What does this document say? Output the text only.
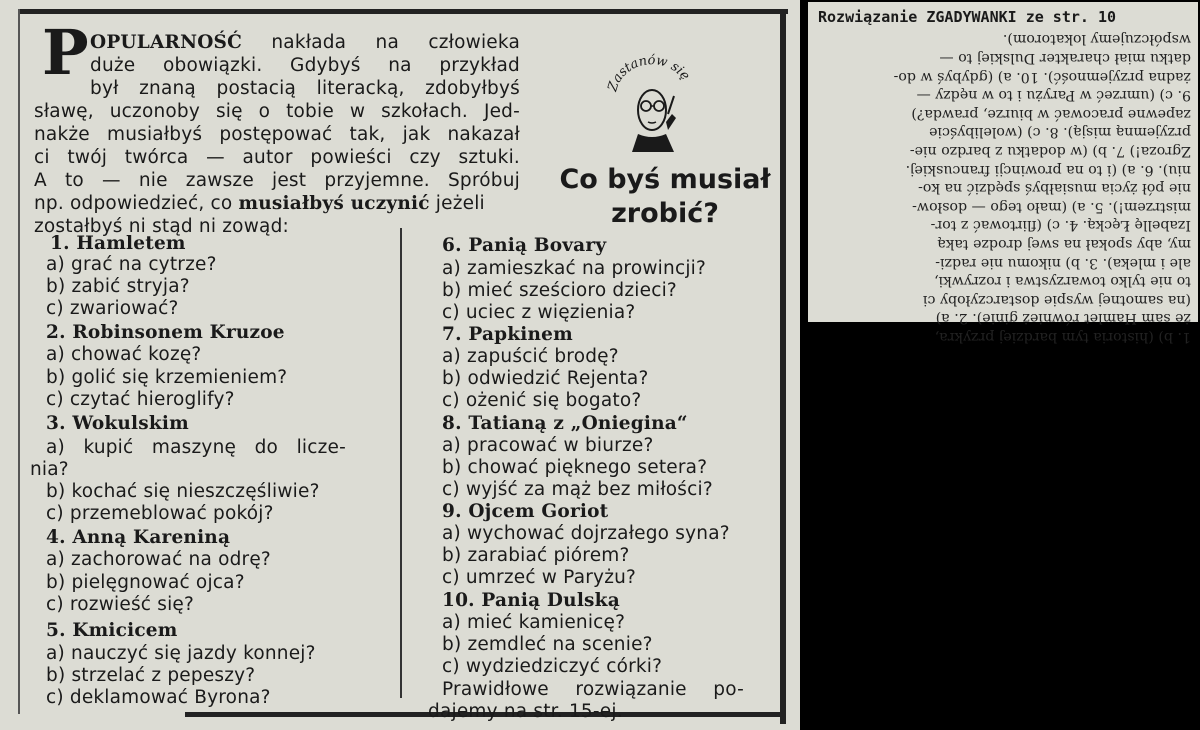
P OPULARNOŚĆ nakłada na człowieka
duże obowiązki. Gdybyś na przykład
był znaną postacią literacką, zdobyłbyś
sławę, uczonoby się o tobie w szkołach. Jed-
nakże musiałbyś postępować tak, jak nakazał
ci twój twórca — autor powieści czy sztuki.
A to — nie zawsze jest przyjemne. Spróbuj
np. odpowiedzieć, co musiałbyś uczynić jeżeli
zostałbyś ni stąd ni zowąd:
Zastanów się
Co byś musiał
zrobić?
1. Hamletem
a) grać na cytrze?
b) zabić stryja?
c) zwariować?
2. Robinsonem Kruzoe
a) chować kozę?
b) golić się krzemieniem?
c) czytać hieroglify?
3. Wokulskim
a) kupić maszynę do licze-
nia?
b) kochać się nieszczęśliwie?
c) przemeblować pokój?
4. Anną Kareniną
a) zachorować na odrę?
b) pielęgnować ojca?
c) rozwieść się?
5. Kmicicem
a) nauczyć się jazdy konnej?
b) strzelać z pepeszy?
c) deklamować Byrona?
6. Panią Bovary
a) zamieszkać na prowincji?
b) mieć sześcioro dzieci?
c) uciec z więzienia?
7. Papkinem
a) zapuścić brodę?
b) odwiedzić Rejenta?
c) ożenić się bogato?
8. Tatianą z „Oniegina“
a) pracować w biurze?
b) chować pięknego setera?
c) wyjść za mąż bez miłości?
9. Ojcem Goriot
a) wychować dojrzałego syna?
b) zarabiać piórem?
c) umrzeć w Paryżu?
10. Panią Dulską
a) mieć kamienicę?
b) zemdleć na scenie?
c) wydziedziczyć córki?
Prawidłowe rozwiązanie po-
dajemy na str. 15-ej.
Rozwiązanie ZGADYWANKI ze str. 10
1. b) (historia tym bardziej przykra,
że sam Hamlet również ginie). 2. a)
(na samotnej wyspie dostarczyłoby ci
to nie tylko towarzystwa i rozrywki,
ale i mleka). 3. b) nikomu nie radzi-
my, aby spokał na swej drodze taką
Izabellę Łęcką. 4. c) (flirtować z tor-
mistrzem!). 5. a) (mało tego — dosłow-
nie pół życia musiałbyś spędzić na ko-
niu). 6. a) (i to na prowincji francuskiej.
Zgroza!) 7. b) (w dodatku z bardzo nie-
przyjemną misją). 8. c) (wolelibyście
zapewne pracować w biurze, prawda?)
9. c) (umrzeć w Paryżu i to w nędzy —
żadna przyjemność). 10. a) (gdybyś w do-
datku miał charakter Dulskiej to —
współczujemy lokatorom).
